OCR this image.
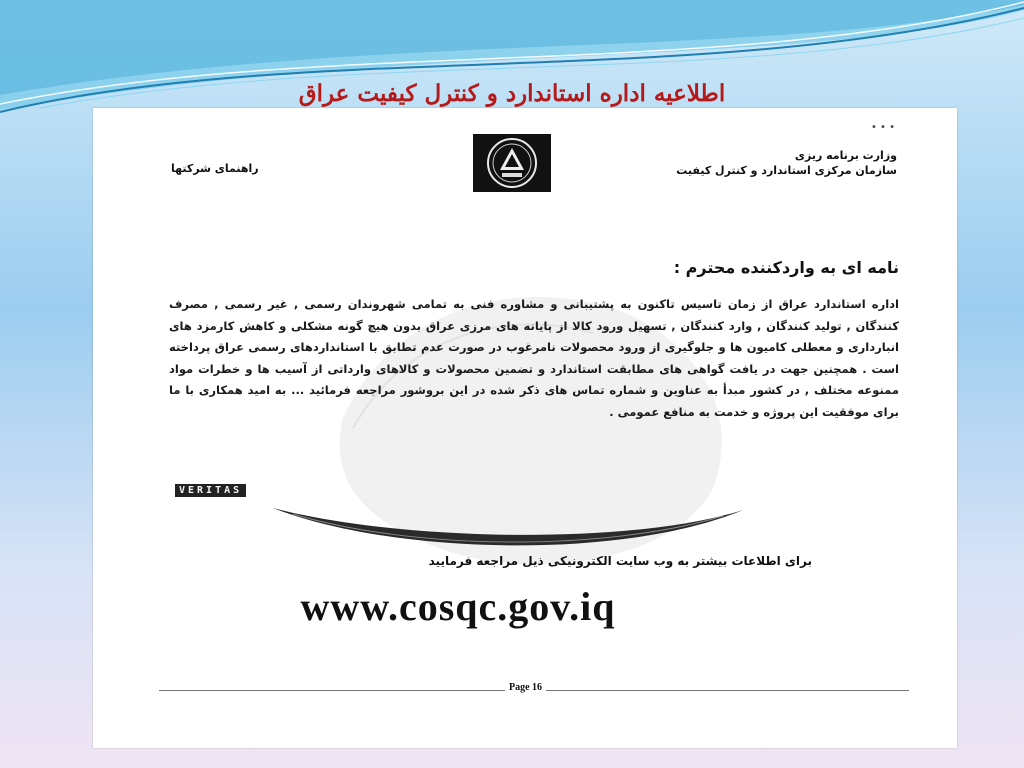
اطلاعیه اداره استاندارد و کنترل کیفیت عراق
• • •
وزارت برنامه ریزی
سازمان مرکزی استاندارد و کنترل کیفیت
راهنمای شرکتها
نامه ای به واردکننده محترم :
اداره استاندارد عراق از زمان تاسیس تاکنون به پشتیبانی و مشاوره فنی به تمامی شهروندان رسمی , غیر رسمی , مصرف کنندگان , تولید کنندگان , وارد کنندگان , تسهیل ورود کالا از پایانه های مرزی عراق بدون هیچ گونه مشکلی و کاهش کارمزد های انبارداری و معطلی کامیون ها و جلوگیری از ورود محصولات نامرغوب در صورت عدم تطابق با استانداردهای رسمی عراق پرداخته است . همچنین جهت در یافت گواهی های مطابقت استاندارد و تضمین محصولات و کالاهای وارداتی از آسیب ها و خطرات مواد ممنوعه مختلف , در کشور مبدأ به عناوین و شماره تماس های ذکر شده در این بروشور مراجعه فرمائید ... به امید همکاری با ما برای موفقیت این پروژه و خدمت به منافع عمومی .
VERITAS
برای اطلاعات بیشتر به وب سایت الکترونیکی ذیل مراجعه فرمایید
www.cosqc.gov.iq
Page 16
